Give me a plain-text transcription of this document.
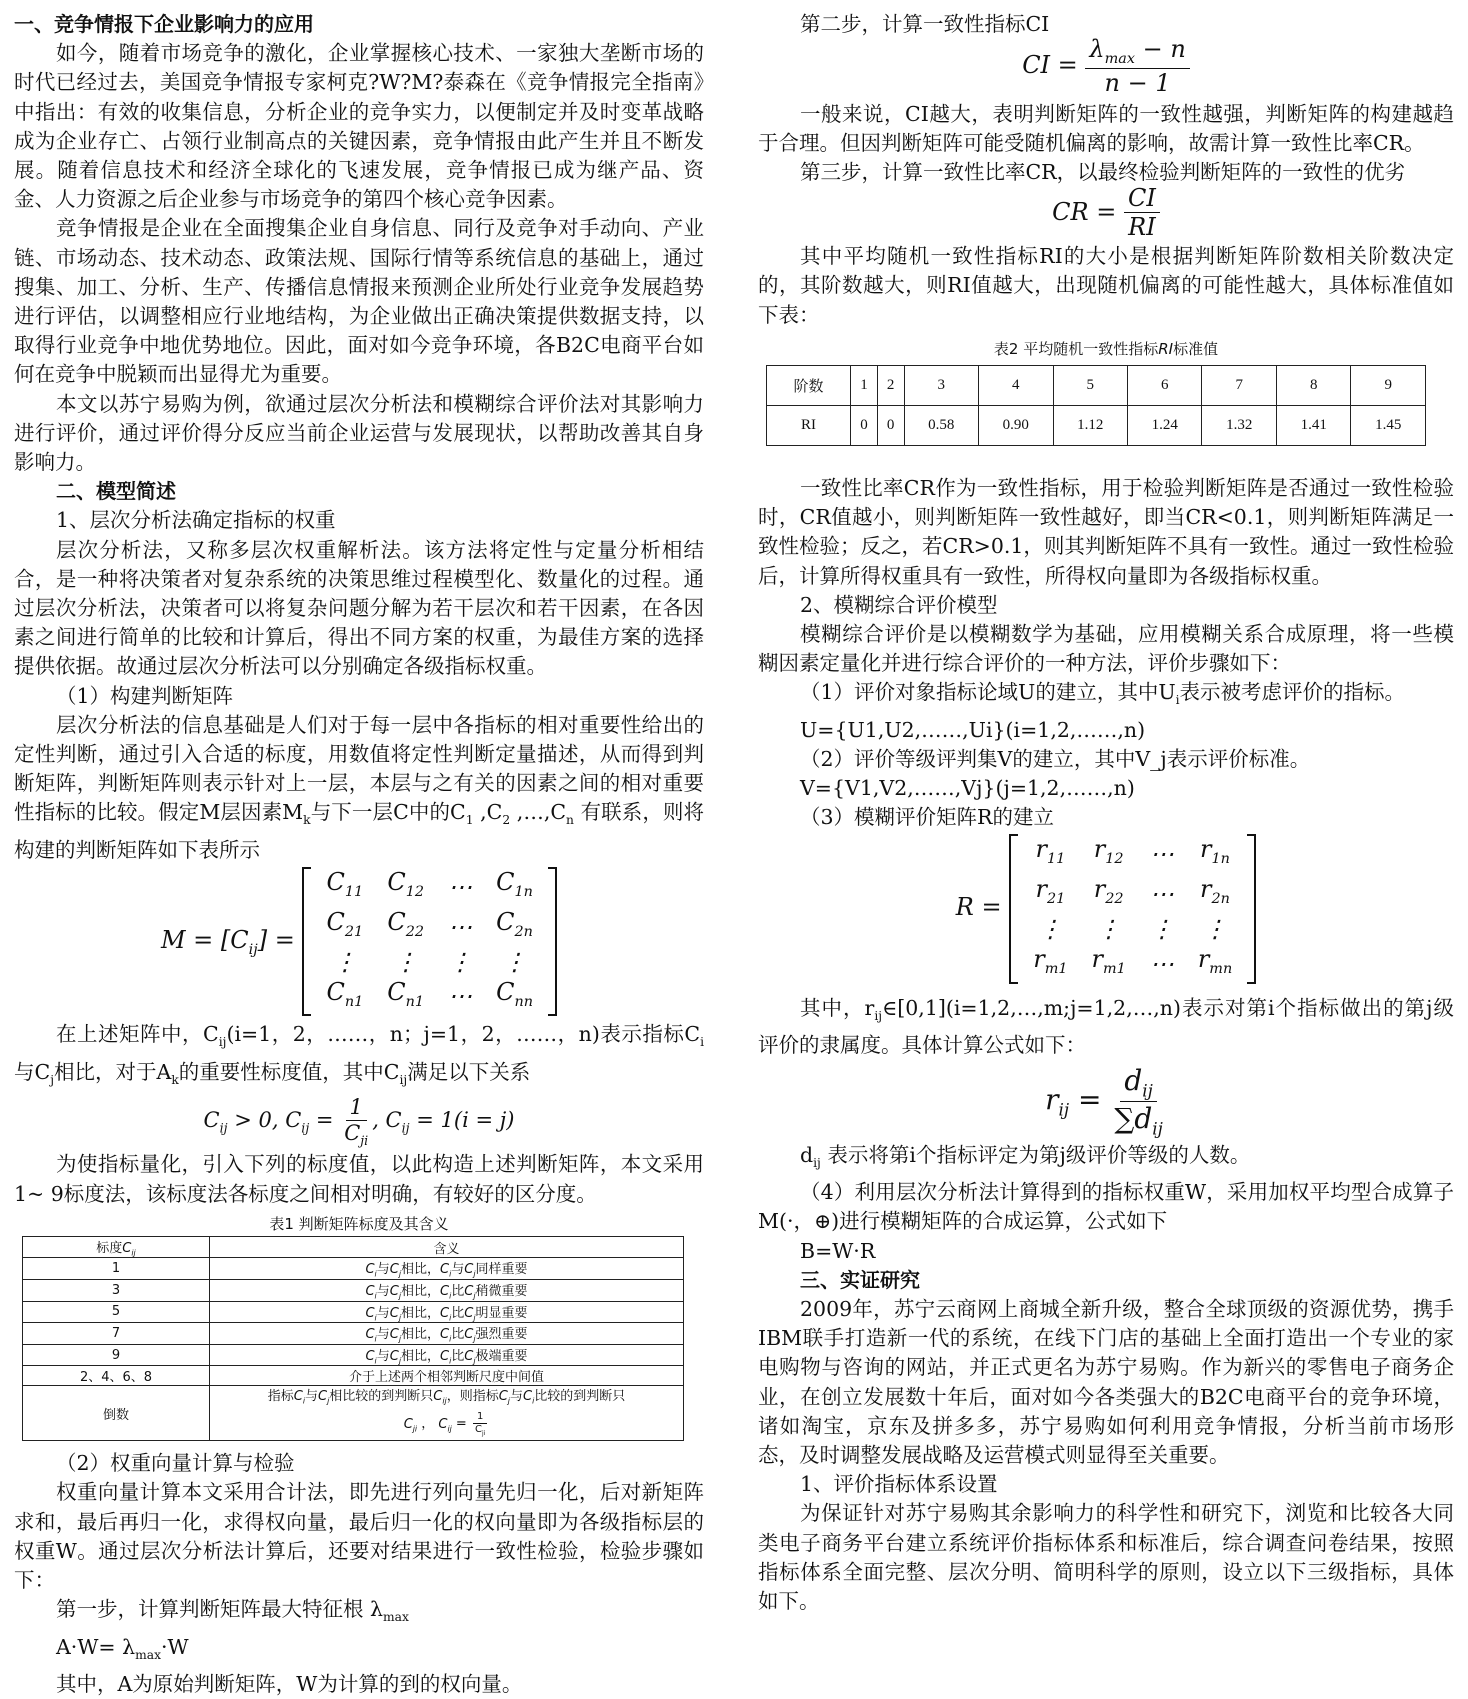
一、竞争情报下企业影响力的应用

如今，随着市场竞争的激化，企业掌握核心技术、一家独大垄断市场的时代已经过去，美国竞争情报专家柯克?W?M?泰森在《竞争情报完全指南》中指出：有效的收集信息，分析企业的竞争实力，以便制定并及时变革战略成为企业存亡、占领行业制高点的关键因素，竞争情报由此产生并且不断发展。随着信息技术和经济全球化的飞速发展，竞争情报已成为继产品、资金、人力资源之后企业参与市场竞争的第四个核心竞争因素。

竞争情报是企业在全面搜集企业自身信息、同行及竞争对手动向、产业链、市场动态、技术动态、政策法规、国际行情等系统信息的基础上，通过搜集、加工、分析、生产、传播信息情报来预测企业所处行业竞争发展趋势进行评估，以调整相应行业地结构，为企业做出正确决策提供数据支持，以取得行业竞争中地优势地位。因此，面对如今竞争环境，各B2C电商平台如何在竞争中脱颖而出显得尤为重要。

本文以苏宁易购为例，欲通过层次分析法和模糊综合评价法对其影响力进行评价，通过评价得分反应当前企业运营与发展现状，以帮助改善其自身影响力。

二、模型简述

1、层次分析法确定指标的权重

层次分析法，又称多层次权重解析法。该方法将定性与定量分析相结合，是一种将决策者对复杂系统的决策思维过程模型化、数量化的过程。通过层次分析法，决策者可以将复杂问题分解为若干层次和若干因素，在各因素之间进行简单的比较和计算后，得出不同方案的权重，为最佳方案的选择提供依据。故通过层次分析法可以分别确定各级指标权重。

（1）构建判断矩阵

层次分析法的信息基础是人们对于每一层中各指标的相对重要性给出的定性判断，通过引入合适的标度，用数值将定性判断定量描述，从而得到判断矩阵，判断矩阵则表示针对上一层，本层与之有关的因素之间的相对重要性指标的比较。假定M层因素$M_k$与下一层C中的$C_1$ $,C_2$ $,\dots,C_n$ 有联系，则将构建的判断矩阵如下表所示

$M = [C_{ij}]$ =
$C_{11}$	$C_{12}$	⋯	$C_{1n}$
$C_{21}$	$C_{22}$	⋯	$C_{2n}$
⋮	⋮	⋮	⋮
$C_{n1}$	$C_{n1}$	⋯	$C_{nn}$

在上述矩阵中，$C_{ij}(i=1$，2，……，n；j=1，2，……，n)表示指标$C_i$与$C_j$相比，对于$A_k$的重要性标度值，其中$C_{ij}$满足以下关系

$C_{ij} > 0$, $C_{ij} = \frac{1}{C_{ji}}$ , $C_{ij} = 1(i = j)$

为使指标量化，引入下列的标度值，以此构造上述判断矩阵，本文采用1~ 9标度法，该标度法各标度之间相对明确，有较好的区分度。

表1 判断矩阵标度及其含义

标度$C_{ij}$	含义
1	$C_i$与$C_j$相比，$C_i$与$C_j$同样重要
3	$C_i$与$C_j$相比，$C_i$比$C_j$稍微重要
5	$C_i$与$C_j$相比，$C_i$比$C_j$明显重要
7	$C_i$与$C_j$相比，$C_i$比$C_j$强烈重要
9	$C_i$与$C_j$相比，$C_i$比$C_j$极端重要
2、4、6、8	介于上述两个相邻判断尺度中间值
倒数	指标$C_i$与$C_j$相比较的到判断只$C_{ij}$，则指标$C_j$与$C_i$比较的到判断只
$C_{ji}$ ， $C_{ij} = \frac{1}{C_{ji}}$

（2）权重向量计算与检验

权重向量计算本文采用合计法，即先进行列向量先归一化，后对新矩阵求和，最后再归一化，求得权向量，最后归一化的权向量即为各级指标层的权重W。通过层次分析法计算后，还要对结果进行一致性检验，检验步骤如下：

第一步，计算判断矩阵最大特征根 $\lambda_{max}$

$A\cdot W= \lambda_{max}\cdot W$

其中，A为原始判断矩阵，W为计算的到的权向量。

第二步，计算一致性指标CI

CI = $\frac{\lambda_{max} - n}{n - 1}$

一般来说，CI越大，表明判断矩阵的一致性越强，判断矩阵的构建越趋于合理。但因判断矩阵可能受随机偏离的影响，故需计算一致性比率CR。

第三步，计算一致性比率CR，以最终检验判断矩阵的一致性的优劣

CR = $\frac{CI}{RI}$

其中平均随机一致性指标RI的大小是根据判断矩阵阶数相关阶数决定的，其阶数越大，则RI值越大，出现随机偏离的可能性越大，具体标准值如下表：

表2 平均随机一致性指标RI标准值

阶数	1	2	3	4	5	6	7	8	9
RI	0	0	0.58	0.90	1.12	1.24	1.32	1.41	1.45

一致性比率CR作为一致性指标，用于检验判断矩阵是否通过一致性检验时，CR值越小，则判断矩阵一致性越好，即当CR<0.1，则判断矩阵满足一致性检验；反之，若CR>0.1，则其判断矩阵不具有一致性。通过一致性检验后，计算所得权重具有一致性，所得权向量即为各级指标权重。

2、模糊综合评价模型

模糊综合评价是以模糊数学为基础，应用模糊关系合成原理，将一些模糊因素定量化并进行综合评价的一种方法，评价步骤如下：

（1）评价对象指标论域U的建立，其中$U_i$表示被考虑评价的指标。

U={U1,U2,……,Ui}(i=1,2,……,n)

（2）评价等级评判集V的建立，其中V_j表示评价标准。

V={V1,V2,……,Vj}(j=1,2,……,n)

（3）模糊评价矩阵R的建立

R =
$r_{11}$	$r_{12}$	⋯	$r_{1n}$
$r_{21}$	$r_{22}$	⋯	$r_{2n}$
⋮	⋮	⋮	⋮
$r_{m1}$	$r_{m1}$	⋯	$r_{mn}$

其中，$r_{ij}\in[0,1](i=1,2,\dots,m;j=1,2,\dots,n)$表示对第i个指标做出的第j级评价的隶属度。具体计算公式如下：

$r_{ij} = \frac{d_{ij}}{\sum d_{ij}}$

$d_{ij}$ 表示将第i个指标评定为第j级评价等级的人数。

（4）利用层次分析法计算得到的指标权重W，采用加权平均型合成算子M(·，⊕)进行模糊矩阵的合成运算，公式如下

B=W·R

三、实证研究

2009年，苏宁云商网上商城全新升级，整合全球顶级的资源优势，携手IBM联手打造新一代的系统，在线下门店的基础上全面打造出一个专业的家电购物与咨询的网站，并正式更名为苏宁易购。作为新兴的零售电子商务企业，在创立发展数十年后，面对如今各类强大的B2C电商平台的竞争环境，诸如淘宝，京东及拼多多，苏宁易购如何利用竞争情报，分析当前市场形态，及时调整发展战略及运营模式则显得至关重要。

1、评价指标体系设置

为保证针对苏宁易购其余影响力的科学性和研究下，浏览和比较各大同类电子商务平台建立系统评价指标体系和标准后，综合调查问卷结果，按照指标体系全面完整、层次分明、简明科学的原则，设立以下三级指标，具体如下。
